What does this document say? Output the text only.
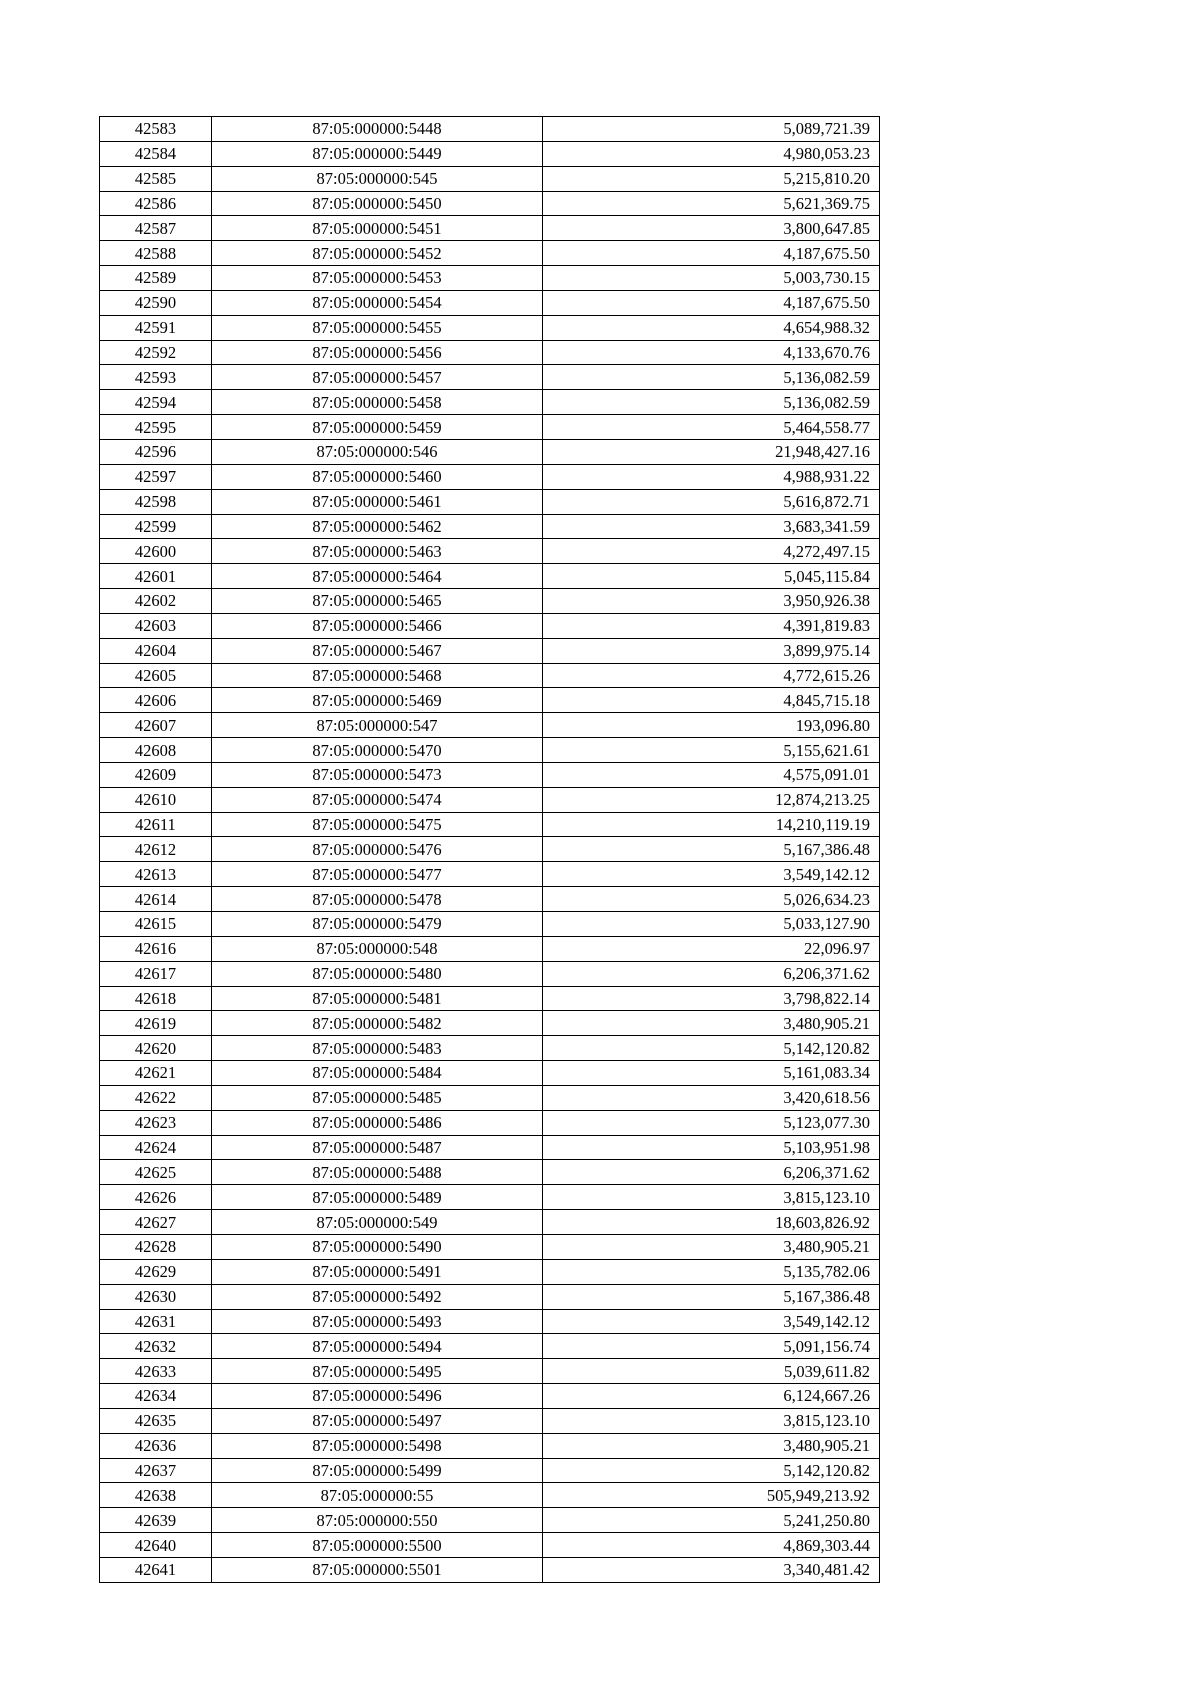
42583	87:05:000000:5448	5,089,721.39
42584	87:05:000000:5449	4,980,053.23
42585	87:05:000000:545	5,215,810.20
42586	87:05:000000:5450	5,621,369.75
42587	87:05:000000:5451	3,800,647.85
42588	87:05:000000:5452	4,187,675.50
42589	87:05:000000:5453	5,003,730.15
42590	87:05:000000:5454	4,187,675.50
42591	87:05:000000:5455	4,654,988.32
42592	87:05:000000:5456	4,133,670.76
42593	87:05:000000:5457	5,136,082.59
42594	87:05:000000:5458	5,136,082.59
42595	87:05:000000:5459	5,464,558.77
42596	87:05:000000:546	21,948,427.16
42597	87:05:000000:5460	4,988,931.22
42598	87:05:000000:5461	5,616,872.71
42599	87:05:000000:5462	3,683,341.59
42600	87:05:000000:5463	4,272,497.15
42601	87:05:000000:5464	5,045,115.84
42602	87:05:000000:5465	3,950,926.38
42603	87:05:000000:5466	4,391,819.83
42604	87:05:000000:5467	3,899,975.14
42605	87:05:000000:5468	4,772,615.26
42606	87:05:000000:5469	4,845,715.18
42607	87:05:000000:547	193,096.80
42608	87:05:000000:5470	5,155,621.61
42609	87:05:000000:5473	4,575,091.01
42610	87:05:000000:5474	12,874,213.25
42611	87:05:000000:5475	14,210,119.19
42612	87:05:000000:5476	5,167,386.48
42613	87:05:000000:5477	3,549,142.12
42614	87:05:000000:5478	5,026,634.23
42615	87:05:000000:5479	5,033,127.90
42616	87:05:000000:548	22,096.97
42617	87:05:000000:5480	6,206,371.62
42618	87:05:000000:5481	3,798,822.14
42619	87:05:000000:5482	3,480,905.21
42620	87:05:000000:5483	5,142,120.82
42621	87:05:000000:5484	5,161,083.34
42622	87:05:000000:5485	3,420,618.56
42623	87:05:000000:5486	5,123,077.30
42624	87:05:000000:5487	5,103,951.98
42625	87:05:000000:5488	6,206,371.62
42626	87:05:000000:5489	3,815,123.10
42627	87:05:000000:549	18,603,826.92
42628	87:05:000000:5490	3,480,905.21
42629	87:05:000000:5491	5,135,782.06
42630	87:05:000000:5492	5,167,386.48
42631	87:05:000000:5493	3,549,142.12
42632	87:05:000000:5494	5,091,156.74
42633	87:05:000000:5495	5,039,611.82
42634	87:05:000000:5496	6,124,667.26
42635	87:05:000000:5497	3,815,123.10
42636	87:05:000000:5498	3,480,905.21
42637	87:05:000000:5499	5,142,120.82
42638	87:05:000000:55	505,949,213.92
42639	87:05:000000:550	5,241,250.80
42640	87:05:000000:5500	4,869,303.44
42641	87:05:000000:5501	3,340,481.42
